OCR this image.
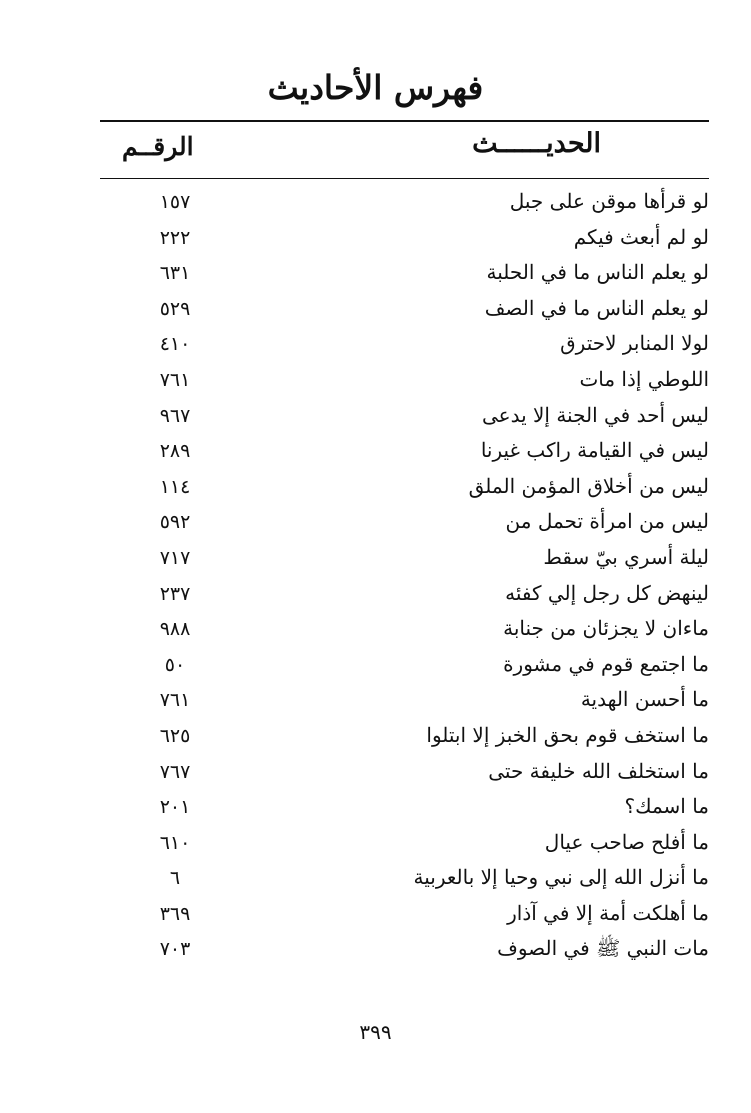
فهرس الأحاديث
الحديــــــث
الرقــم
لو قرأها موقن على جبل
١٥٧
لو لم أبعث فيكم
٢٢٢
لو يعلم الناس ما في الحلبة
٦٣١
لو يعلم الناس ما في الصف
٥٢٩
لولا المنابر لاحترق
٤١٠
اللوطي إذا مات
٧٦١
ليس أحد في الجنة إلا يدعى
٩٦٧
ليس في القيامة راكب غيرنا
٢٨٩
ليس من أخلاق المؤمن الملق
١١٤
ليس من امرأة تحمل من
٥٩٢
ليلة أسري بيّ سقط
٧١٧
لينهض كل رجل إلي كفئه
٢٣٧
ماءان لا يجزئان من جنابة
٩٨٨
ما اجتمع قوم في مشورة
٥٠
ما أحسن الهدية
٧٦١
ما استخف قوم بحق الخبز إلا ابتلوا
٦٢٥
ما استخلف الله خليفة حتى
٧٦٧
ما اسمك؟
٢٠١
ما أفلح صاحب عيال
٦١٠
ما أنزل الله إلى نبي وحيا إلا بالعربية
٦
ما أهلكت أمة إلا في آذار
٣٦٩
مات النبي ﷺ في الصوف
٧٠٣
٣٩٩
